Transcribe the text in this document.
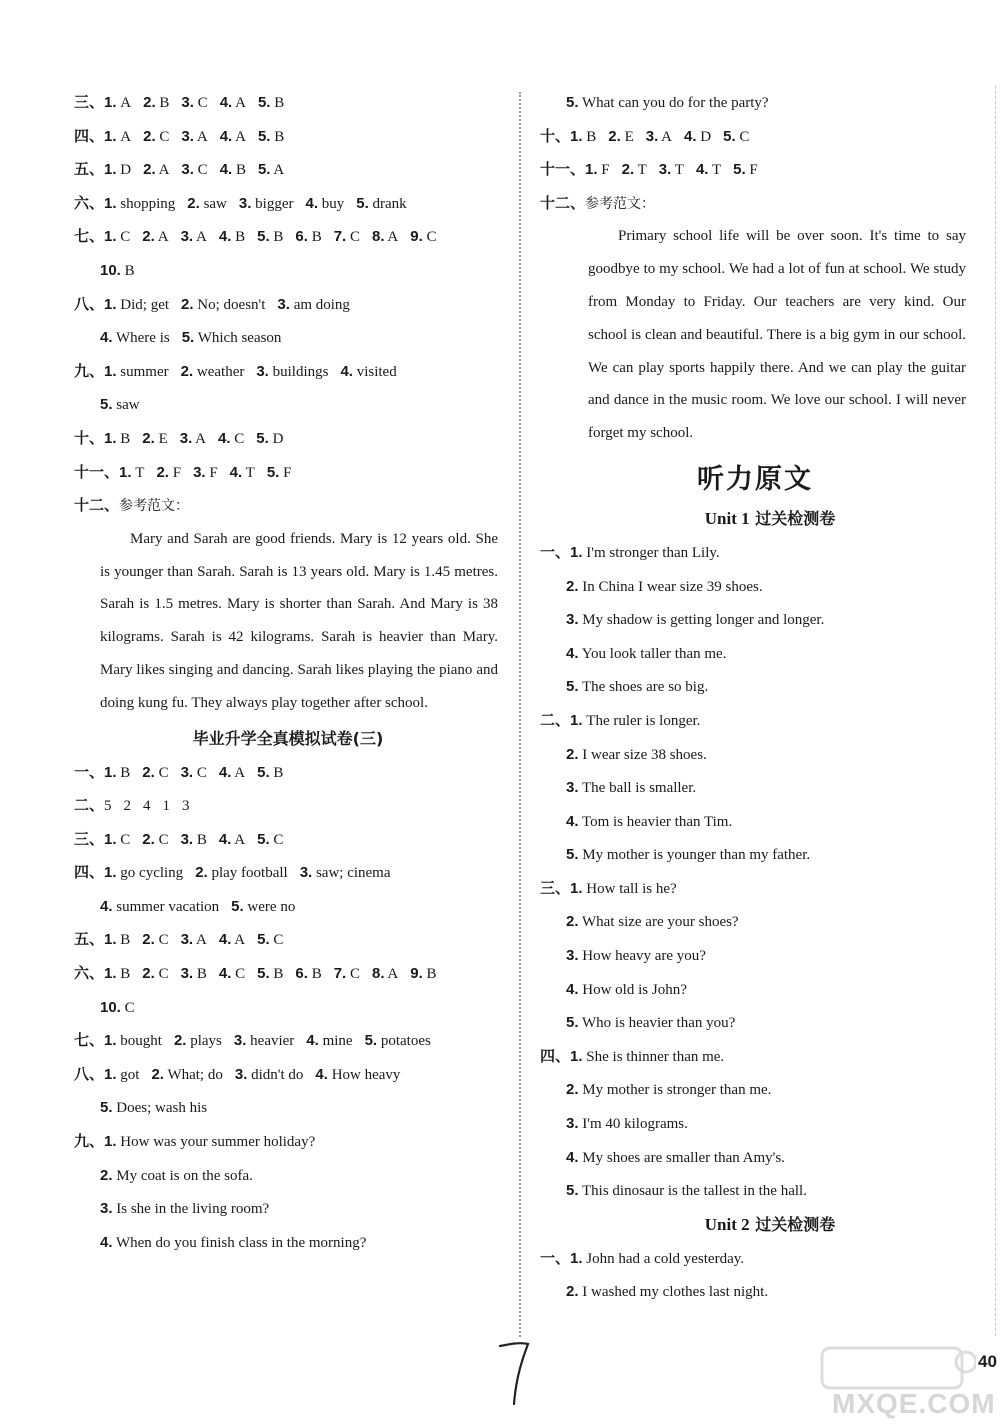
三、1. A 2. B 3. C 4. A 5. B
四、1. A 2. C 3. A 4. A 5. B
五、1. D 2. A 3. C 4. B 5. A
六、1. shopping 2. saw 3. bigger 4. buy 5. drank
七、1. C 2. A 3. A 4. B 5. B 6. B 7. C 8. A 9. C
10. B
八、1. Did; get 2. No; doesn't 3. am doing
4. Where is 5. Which season
九、1. summer 2. weather 3. buildings 4. visited
5. saw
十、1. B 2. E 3. A 4. C 5. D
十一、1. T 2. F 3. F 4. T 5. F
十二、参考范文：

Mary and Sarah are good friends. Mary is 12 years old. She is younger than Sarah. Sarah is 13 years old. Mary is 1.45 metres. Sarah is 1.5 metres. Mary is shorter than Sarah. And Mary is 38 kilograms. Sarah is 42 kilograms. Sarah is heavier than Mary. Mary likes singing and dancing. Sarah likes playing the piano and doing kung fu. They always play together after school.

毕业升学全真模拟试卷(三)
一、1. B 2. C 3. C 4. A 5. B
二、5 2 4 1 3
三、1. C 2. C 3. B 4. A 5. C
四、1. go cycling 2. play football 3. saw; cinema
4. summer vacation 5. were no
五、1. B 2. C 3. A 4. A 5. C
六、1. B 2. C 3. B 4. C 5. B 6. B 7. C 8. A 9. B
10. C
七、1. bought 2. plays 3. heavier 4. mine 5. potatoes
八、1. got 2. What; do 3. didn't do 4. How heavy
5. Does; wash his
九、1. How was your summer holiday?
2. My coat is on the sofa.
3. Is she in the living room?
4. When do you finish class in the morning?
5. What can you do for the party?
十、1. B 2. E 3. A 4. D 5. C
十一、1. F 2. T 3. T 4. T 5. F
十二、参考范文：

Primary school life will be over soon. It's time to say goodbye to my school. We had a lot of fun at school. We study from Monday to Friday. Our teachers are very kind. Our school is clean and beautiful. There is a big gym in our school. We can play sports happily there. And we can play the guitar and dance in the music room. We love our school. I will never forget my school.

听力原文
Unit 1 过关检测卷
一、1. I'm stronger than Lily.
2. In China I wear size 39 shoes.
3. My shadow is getting longer and longer.
4. You look taller than me.
5. The shoes are so big.
二、1. The ruler is longer.
2. I wear size 38 shoes.
3. The ball is smaller.
4. Tom is heavier than Tim.
5. My mother is younger than my father.
三、1. How tall is he?
2. What size are your shoes?
3. How heavy are you?
4. How old is John?
5. Who is heavier than you?
四、1. She is thinner than me.
2. My mother is stronger than me.
3. I'm 40 kilograms.
4. My shoes are smaller than Amy's.
5. This dinosaur is the tallest in the hall.
Unit 2 过关检测卷
一、1. John had a cold yesterday.
2. I washed my clothes last night.
MXQE.COM
40
